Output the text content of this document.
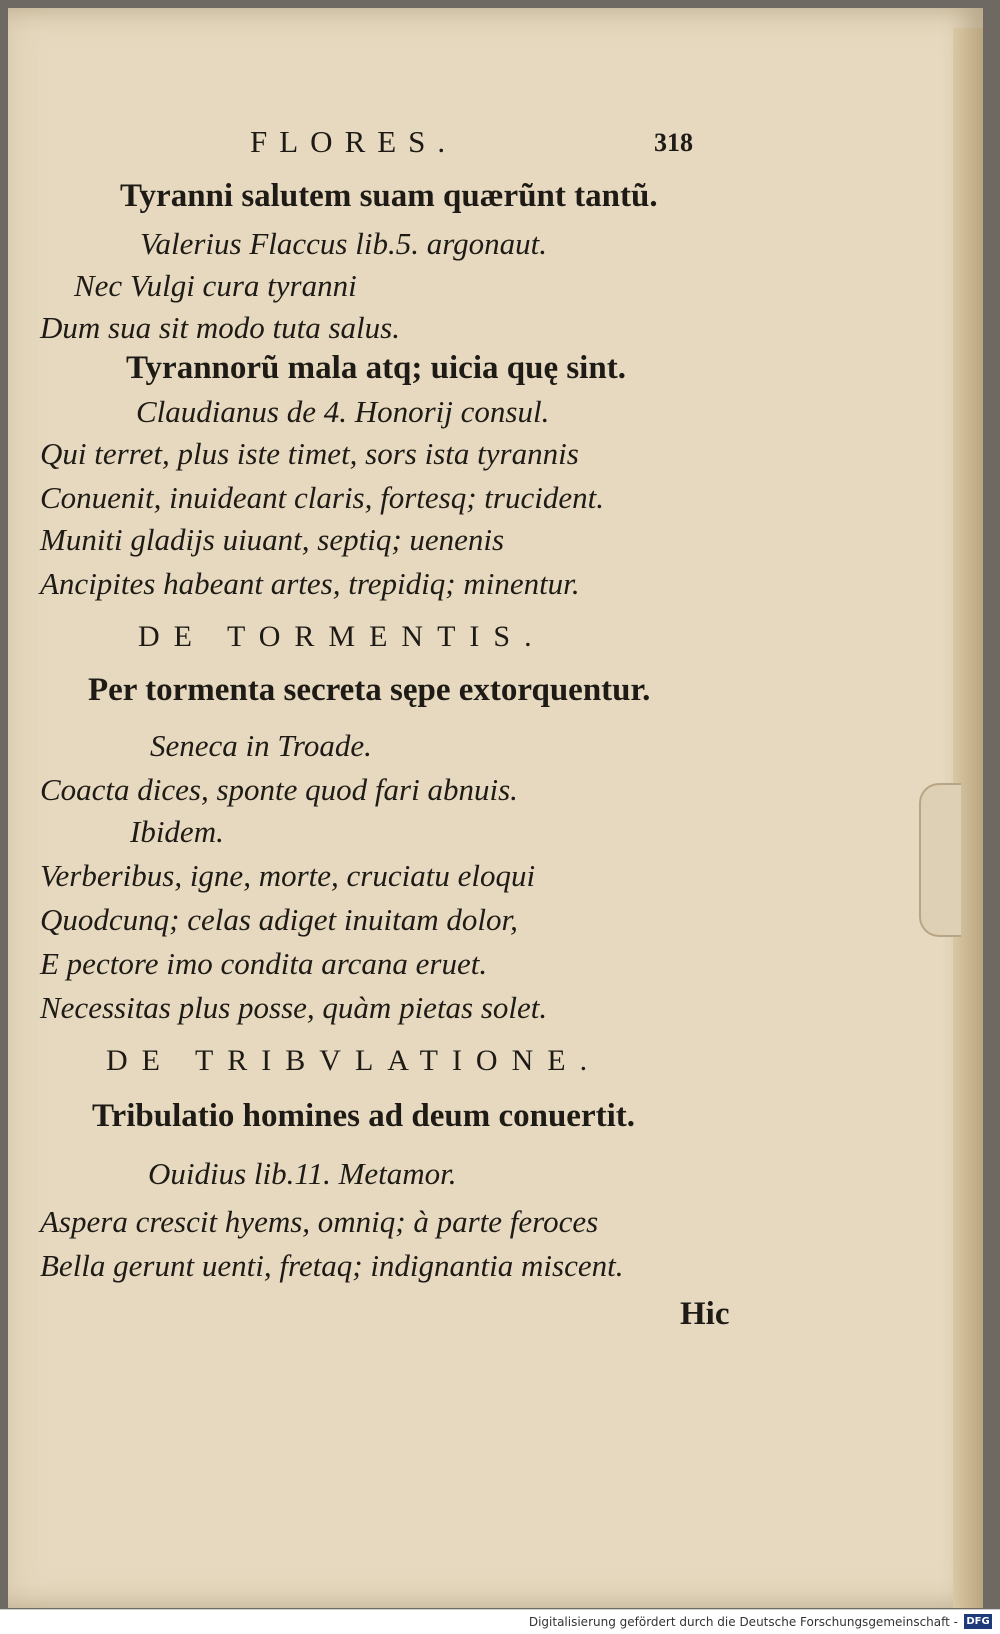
FLORES.	318
Tyranni salutem suam quærũnt tantũ.
Valerius Flaccus lib.5. argonaut.
Nec Vulgi cura tyranni
Dum sua sit modo tuta salus.
Tyrannorũ mala atq; uicia quę sint.
Claudianus de 4. Honorij consul.
Qui terret, plus iste timet, sors ista tyrannis
Conuenit, inuideant claris, fortesq; trucident.
Muniti gladijs uiuant, septiq; uenenis
Ancipites habeant artes, trepidiq; minentur.
DE TORMENTIS.
Per tormenta secreta sępe extorquentur.
Seneca in Troade.
Coacta dices, sponte quod fari abnuis.
Ibidem.
Verberibus, igne, morte, cruciatu eloqui
Quodcunq; celas adiget inuitam dolor,
E pectore imo condita arcana eruet.
Necessitas plus posse, quàm pietas solet.
DE TRIBVLATIONE.
Tribulatio homines ad deum conuertit.
Ouidius lib.11. Metamor.
Aspera crescit hyems, omniq; à parte feroces
Bella gerunt uenti, fretaq; indignantia miscent.
Hic
Digitalisierung gefördert durch die Deutsche Forschungsgemeinschaft - DFG
